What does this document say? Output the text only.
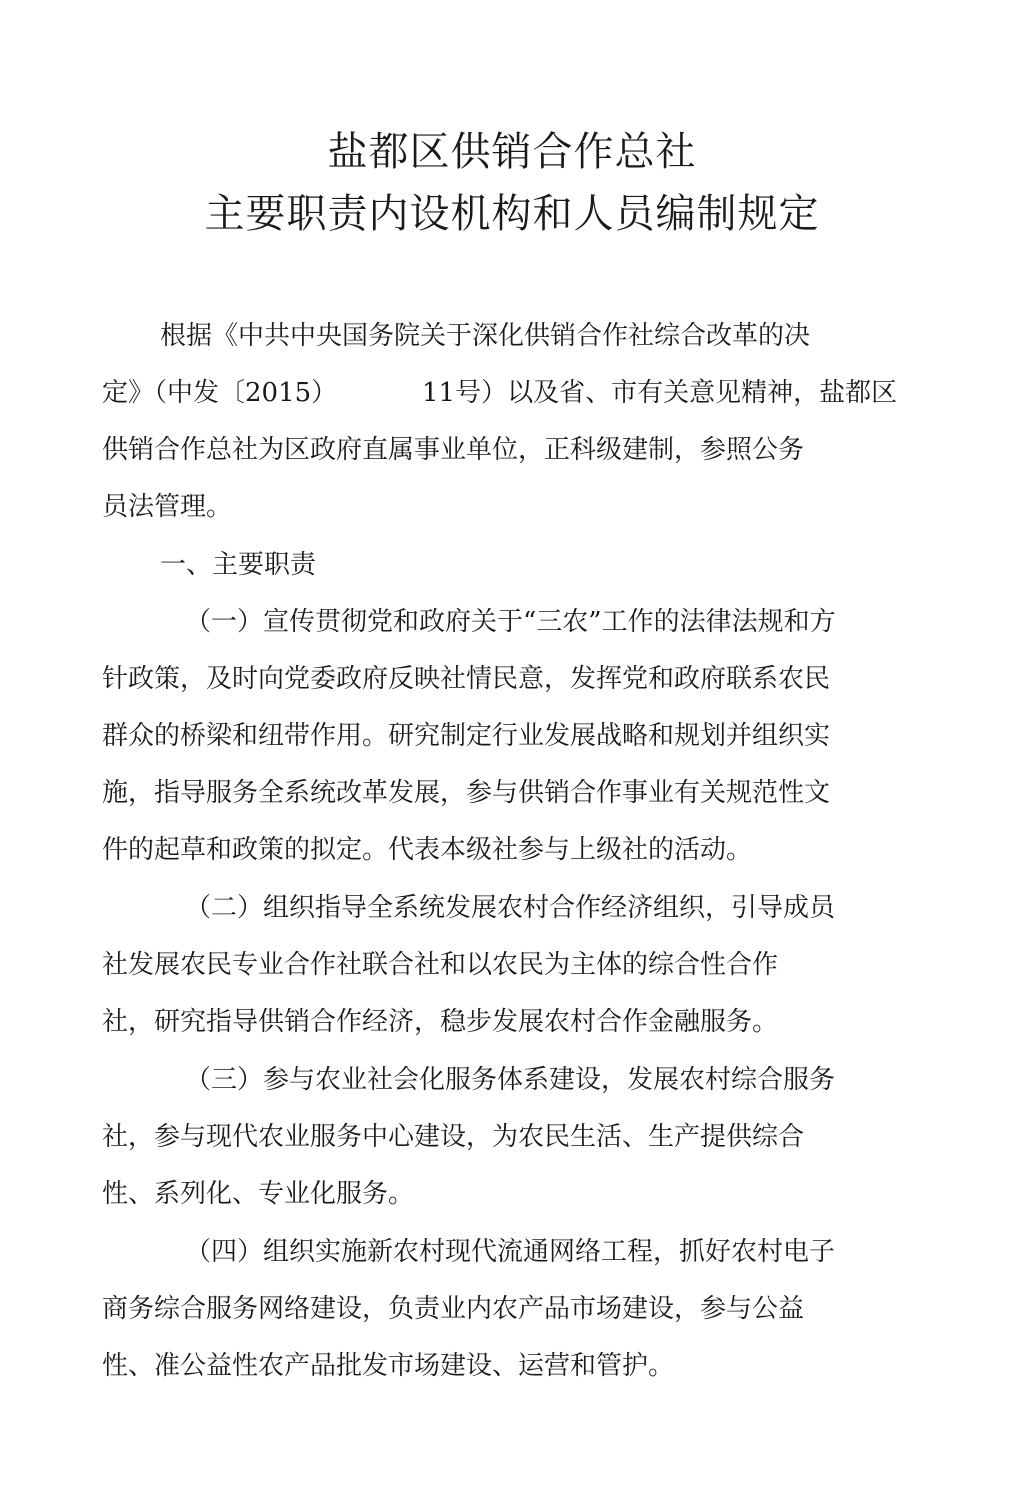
盐都区供销合作总社
主要职责内设机构和人员编制规定
根据《中共中央国务院关于深化供销合作社综合改革的决
定》（中发〔2015）	11号）以及省、市有关意见精神，盐都区
供销合作总社为区政府直属事业单位，正科级建制，参照公务
员法管理。
一、主要职责
（一）宣传贯彻党和政府关于“三农”工作的法律法规和方
针政策，及时向党委政府反映社情民意，发挥党和政府联系农民
群众的桥梁和纽带作用。研究制定行业发展战略和规划并组织实
施，指导服务全系统改革发展，参与供销合作事业有关规范性文
件的起草和政策的拟定。代表本级社参与上级社的活动。
（二）组织指导全系统发展农村合作经济组织，引导成员
社发展农民专业合作社联合社和以农民为主体的综合性合作
社，研究指导供销合作经济，稳步发展农村合作金融服务。
（三）参与农业社会化服务体系建设，发展农村综合服务
社，参与现代农业服务中心建设，为农民生活、生产提供综合
性、系列化、专业化服务。
（四）组织实施新农村现代流通网络工程，抓好农村电子
商务综合服务网络建设，负责业内农产品市场建设，参与公益
性、准公益性农产品批发市场建设、运营和管护。
